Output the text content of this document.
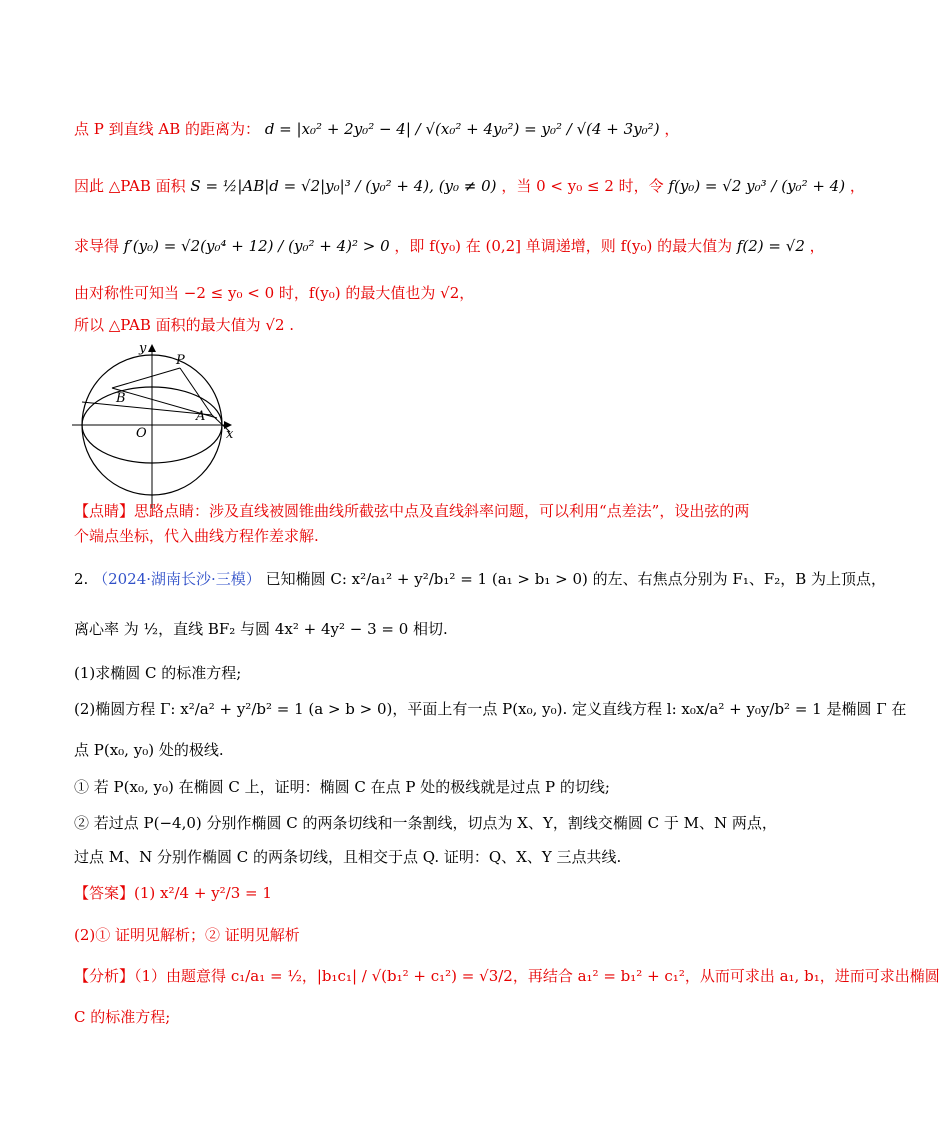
点 P 到直线 AB 的距离为： d = |x₀² + 2y₀² − 4| / √(x₀² + 4y₀²) = y₀² / √(4 + 3y₀²) ，
因此 △PAB 面积 S = ½|AB|d = √2|y₀|³ / (y₀² + 4), (y₀ ≠ 0) ，当 0 < y₀ ≤ 2 时，令 f(y₀) = √2 y₀³ / (y₀² + 4) ，
求导得 f′(y₀) = √2(y₀⁴ + 12) / (y₀² + 4)² > 0 ，即 f(y₀) 在 (0,2] 单调递增，则 f(y₀) 的最大值为 f(2) = √2 ，
由对称性可知当 −2 ≤ y₀ < 0 时，f(y₀) 的最大值也为 √2，
所以 △PAB 面积的最大值为 √2 .
y
x
O
P
B
A
【点睛】思路点睛：涉及直线被圆锥曲线所截弦中点及直线斜率问题，可以利用“点差法”，设出弦的两
个端点坐标，代入曲线方程作差求解.
2. （2024·湖南长沙·三模） 已知椭圆 C: x²/a₁² + y²/b₁² = 1 (a₁ > b₁ > 0) 的左、右焦点分别为 F₁、F₂，B 为上顶点，
离心率 为 ½，直线 BF₂ 与圆 4x² + 4y² − 3 = 0 相切.
(1)求椭圆 C 的标准方程;
(2)椭圆方程 Γ: x²/a² + y²/b² = 1 (a > b > 0)，平面上有一点 P(x₀, y₀). 定义直线方程 l: x₀x/a² + y₀y/b² = 1 是椭圆 Γ 在
点 P(x₀, y₀) 处的极线.
① 若 P(x₀, y₀) 在椭圆 C 上，证明：椭圆 C 在点 P 处的极线就是过点 P 的切线;
② 若过点 P(−4,0) 分别作椭圆 C 的两条切线和一条割线，切点为 X、Y，割线交椭圆 C 于 M、N 两点，
过点 M、N 分别作椭圆 C 的两条切线，且相交于点 Q. 证明：Q、X、Y 三点共线.
【答案】(1) x²/4 + y²/3 = 1
(2)① 证明见解析；② 证明见解析
【分析】（1）由题意得 c₁/a₁ = ½，|b₁c₁| / √(b₁² + c₁²) = √3/2，再结合 a₁² = b₁² + c₁²，从而可求出 a₁, b₁，进而可求出椭圆
C 的标准方程;
